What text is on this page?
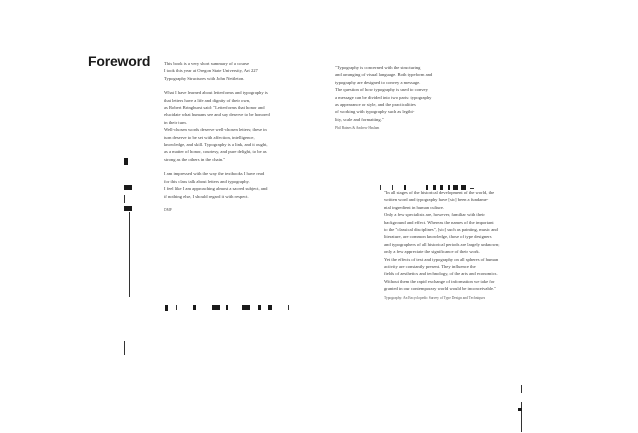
Foreword	This book is a very short summary of a course
I took this year at Oregon State University, Art 227
Typography Structures with John Nettleton.

What I have learned about letterforms and typography is
that letters have a life and dignity of their own,
as Robert Bringhurst said: "Letterforms that honor and
elucidate what humans see and say deserve to be honored
in their turn.
Well-chosen words deserve well-chosen letters; these in
turn deserve to be set with affection, intelligence,
knowledge, and skill. Typography is a link, and it ought,
as a matter of honor, courtesy, and pure delight, to be as
strong as the others in the chain."

I am impressed with the way the textbooks I have read
for this class talk about letters and typography.
I feel like I am approaching almost a sacred subject, and
if nothing else, I should regard it with respect.

DMP
"Typography is concerned with the structuring
and arranging of visual language. Both typeform and
typography are designed to convey a message.
The question of how typography is used to convey
a message can be divided into two parts: typography
as appearance or style, and the practicalities
of working with typography such as legibi-
lity, scale and formatting."
Phil Baines & Andrew Haslam
"In all stages of the historical development of the world, the
written word and typography have [sic] been a fundame-
ntal ingredient in human culture.
Only a few specialists are, however, familiar with their
background and effect. Whereas the names of the important
to the "classical disciplines", [sic] such as painting, music and
literature, are common knowledge, those of type designers
and typographers of all historical periods are largely unknown;
only a few appreciate the significance of their work.
Yet the effects of text and typography on all spheres of human
activity are constantly present. They influence the
fields of aesthetics and technology, of the arts and economics.
Without them the rapid exchange of information we take for
granted in our contemporary world would be inconceivable."
Typography: An Encyclopedic Survey of Type Design and Techniques
